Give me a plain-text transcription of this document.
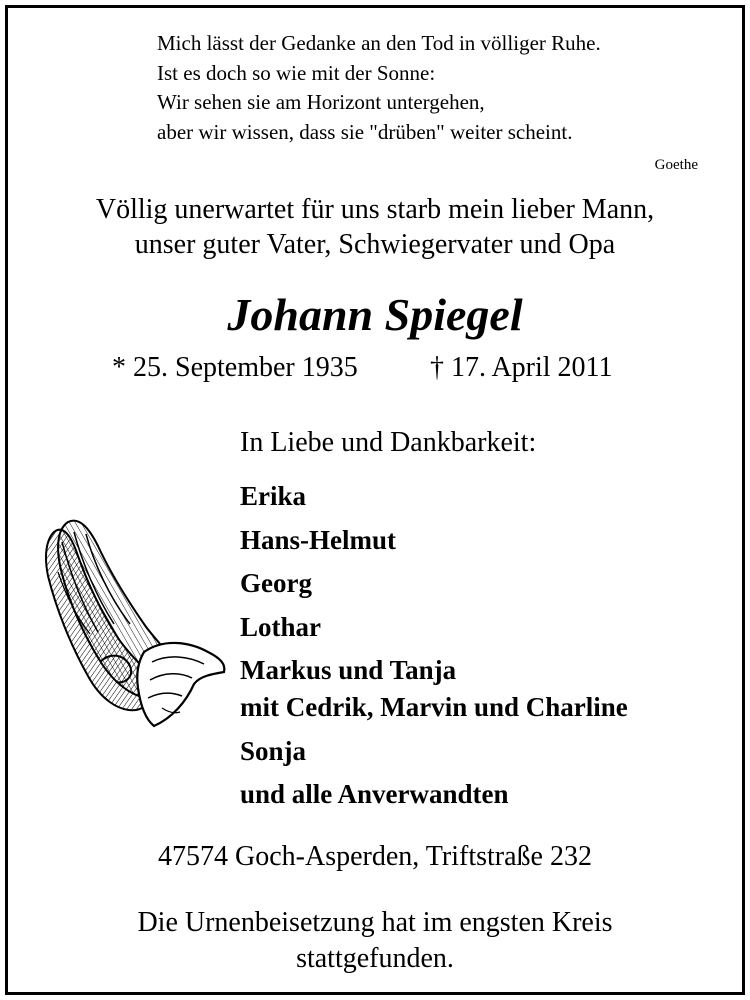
Mich lässt der Gedanke an den Tod in völliger Ruhe.
Ist es doch so wie mit der Sonne:
Wir sehen sie am Horizont untergehen,
aber wir wissen, dass sie "drüben" weiter scheint.
Goethe
Völlig unerwartet für uns starb mein lieber Mann,
unser guter Vater, Schwiegervater und Opa
Johann Spiegel
* 25. September 1935	† 17. April 2011
In Liebe und Dankbarkeit:
Erika
Hans-Helmut
Georg
Lothar
Markus und Tanja
mit Cedrik, Marvin und Charline
Sonja
und alle Anverwandten
47574 Goch-Asperden, Triftstraße 232
Die Urnenbeisetzung hat im engsten Kreis
stattgefunden.
